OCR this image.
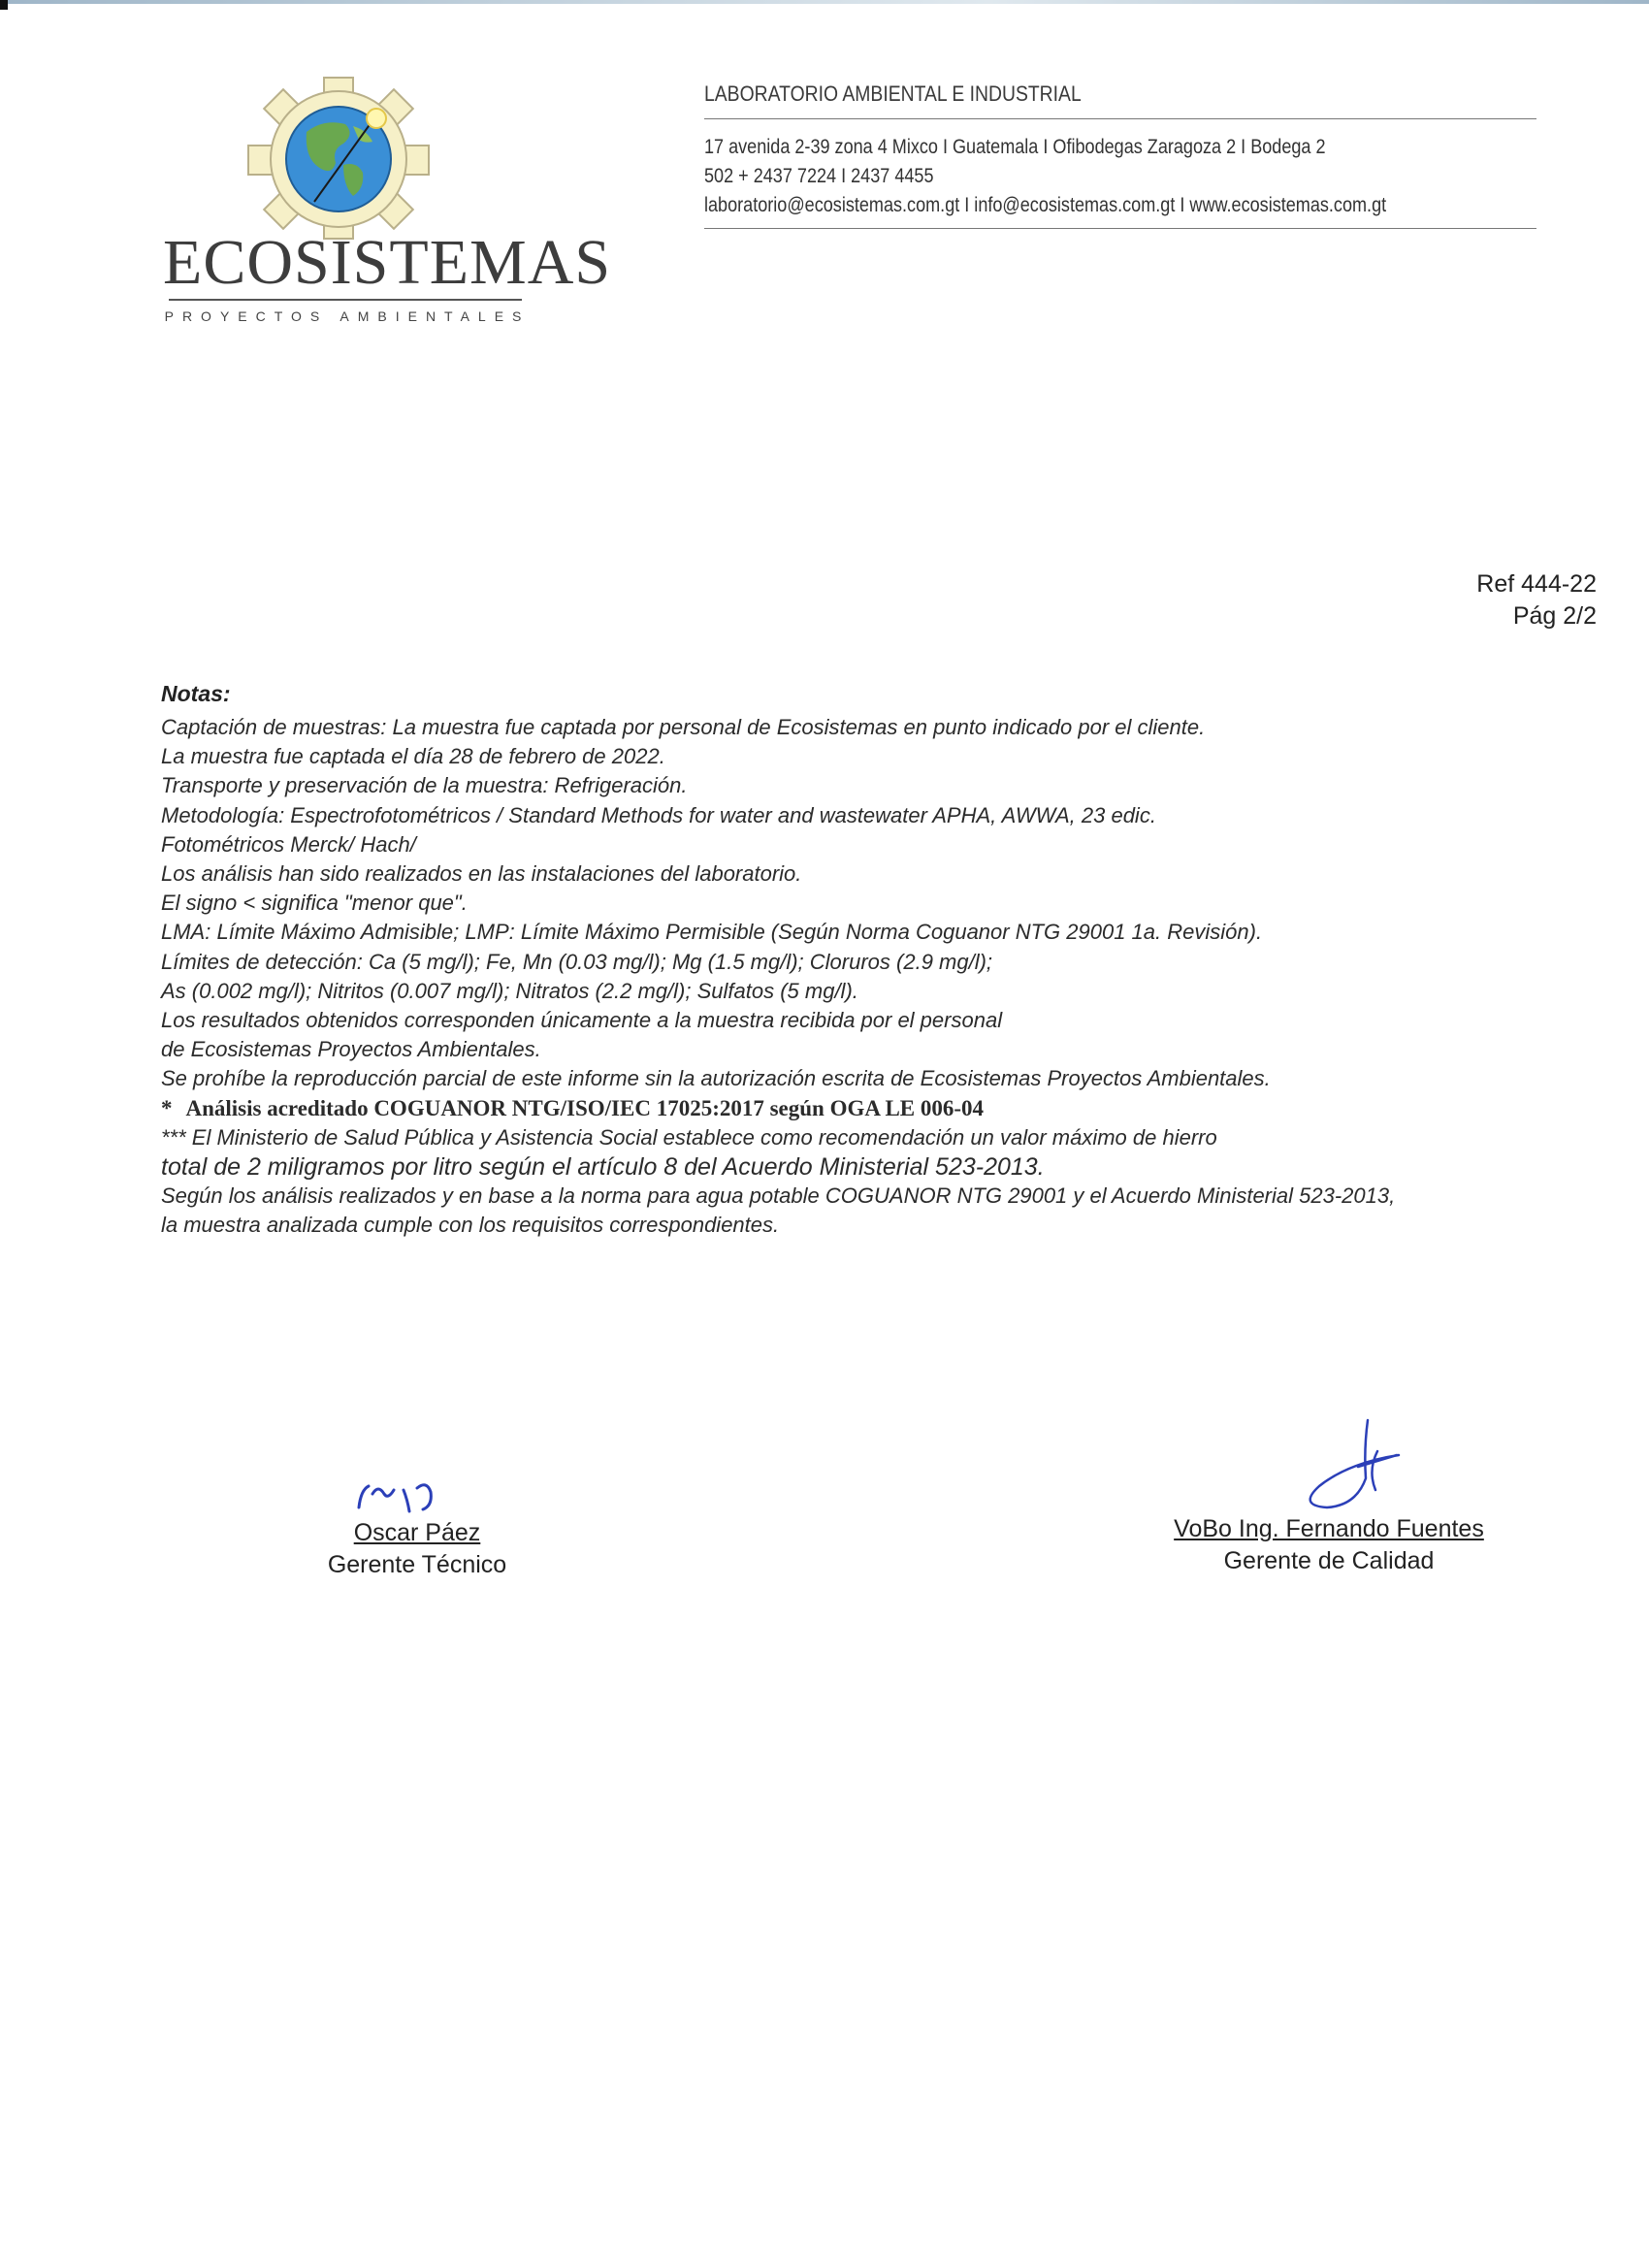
ECOSISTEMAS
PROYECTOS AMBIENTALES
LABORATORIO AMBIENTAL E INDUSTRIAL
17 avenida 2-39 zona 4 Mixco I Guatemala I Ofibodegas Zaragoza 2 I Bodega 2
502 + 2437 7224 I 2437 4455
laboratorio@ecosistemas.com.gt I info@ecosistemas.com.gt I www.ecosistemas.com.gt
Ref 444-22
Pág 2/2
Notas:
Captación de muestras: La muestra fue captada por personal de Ecosistemas en punto indicado por el cliente.
La muestra fue captada el día 28 de febrero de 2022.
Transporte y preservación de la muestra: Refrigeración.
Metodología: Espectrofotométricos / Standard Methods for water and wastewater APHA, AWWA, 23 edic.
Fotométricos Merck/ Hach/
Los análisis han sido realizados en las instalaciones del laboratorio.
El signo < significa "menor que".
LMA: Límite Máximo Admisible; LMP: Límite Máximo Permisible (Según Norma Coguanor NTG 29001 1a. Revisión).
Límites de detección: Ca (5 mg/l); Fe, Mn (0.03 mg/l); Mg (1.5 mg/l); Cloruros (2.9 mg/l);
As (0.002 mg/l); Nitritos (0.007 mg/l); Nitratos (2.2 mg/l); Sulfatos (5 mg/l).
Los resultados obtenidos corresponden únicamente a la muestra recibida por el personal
de Ecosistemas Proyectos Ambientales.
Se prohíbe la reproducción parcial de este informe sin la autorización escrita de Ecosistemas Proyectos Ambientales.
* Análisis acreditado COGUANOR NTG/ISO/IEC 17025:2017 según OGA LE 006-04
*** El Ministerio de Salud Pública y Asistencia Social establece como recomendación un valor máximo de hierro
total de 2 miligramos por litro según el artículo 8 del Acuerdo Ministerial 523-2013.
Según los análisis realizados y en base a la norma para agua potable COGUANOR NTG 29001 y el Acuerdo Ministerial 523-2013,
la muestra analizada cumple con los requisitos correspondientes.
Oscar Páez
Gerente Técnico
VoBo Ing. Fernando Fuentes
Gerente de Calidad
